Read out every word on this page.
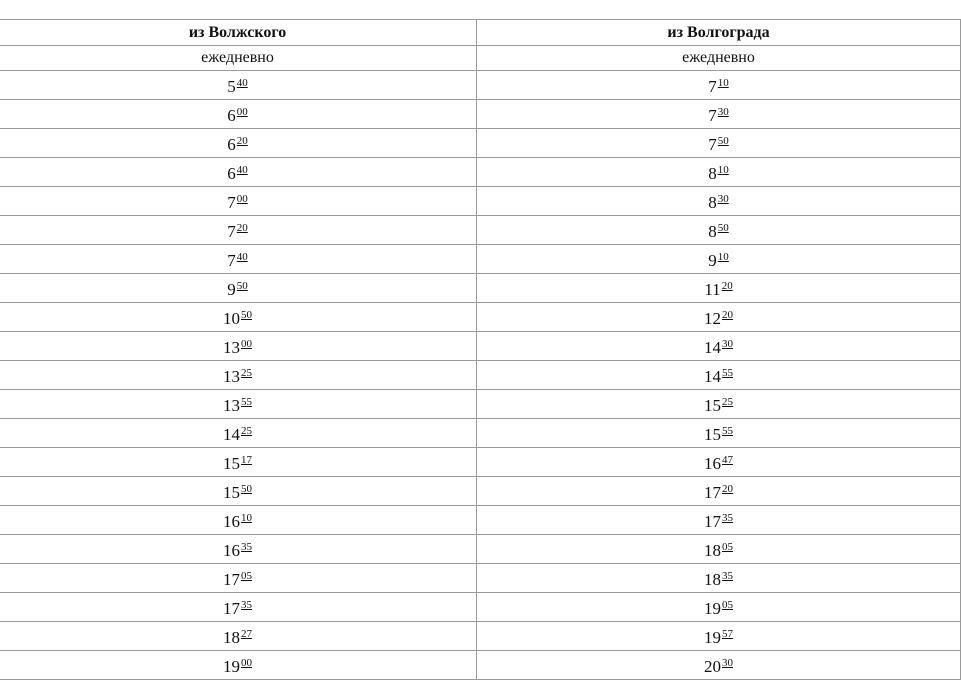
из Волжского	из Волгограда
ежедневно	ежедневно
540	710
600	730
620	750
640	810
700	830
720	850
740	910
950	1120
1050	1220
1300	1430
1325	1455
1355	1525
1425	1555
1517	1647
1550	1720
1610	1735
1635	1805
1705	1835
1735	1905
1827	1957
1900	2030
